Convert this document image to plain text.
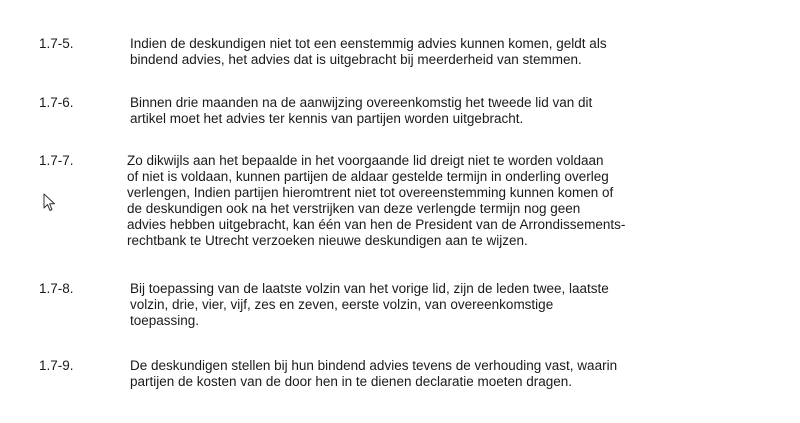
1.7-5.	Indien de deskundigen niet tot een eenstemmig advies kunnen komen, geldt als
bindend advies, het advies dat is uitgebracht bij meerderheid van stemmen.
1.7-6.	Binnen drie maanden na de aanwijzing overeenkomstig het tweede lid van dit
artikel moet het advies ter kennis van partijen worden uitgebracht.
1.7-7.	Zo dikwijls aan het bepaalde in het voorgaande lid dreigt niet te worden voldaan
of niet is voldaan, kunnen partijen de aldaar gestelde termijn in onderling overleg
verlengen, Indien partijen hieromtrent niet tot overeenstemming kunnen komen of
de deskundigen ook na het verstrijken van deze verlengde termijn nog geen
advies hebben uitgebracht, kan één van hen de President van de Arrondissements-
rechtbank te Utrecht verzoeken nieuwe deskundigen aan te wijzen.
1.7-8.	Bij toepassing van de laatste volzin van het vorige lid, zijn de leden twee, laatste
volzin, drie, vier, vijf, zes en zeven, eerste volzin, van overeenkomstige
toepassing.
1.7-9.	De deskundigen stellen bij hun bindend advies tevens de verhouding vast, waarin
partijen de kosten van de door hen in te dienen declaratie moeten dragen.
